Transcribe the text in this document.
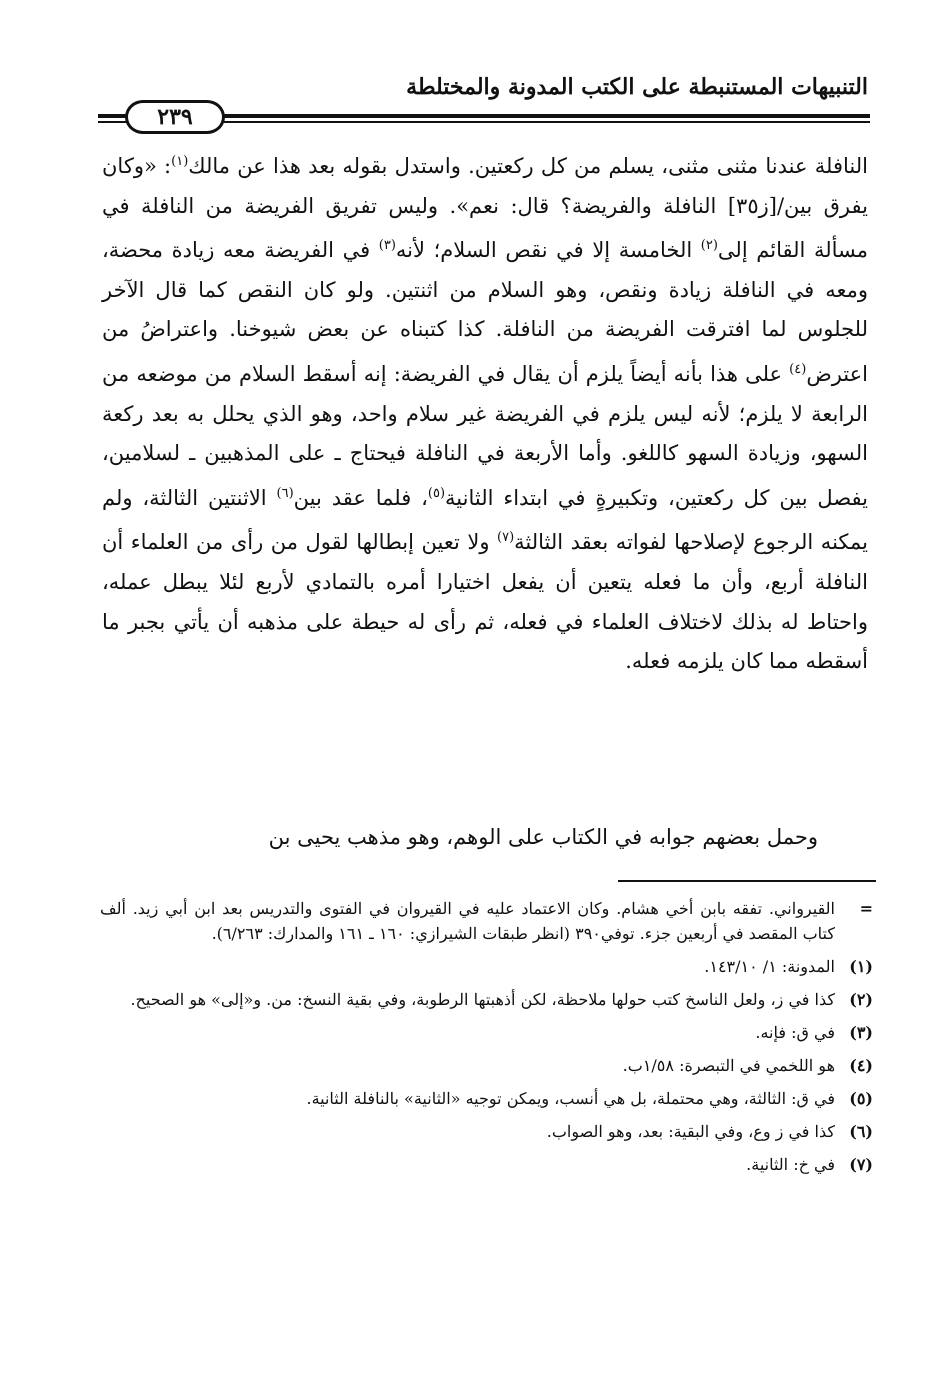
التنبيهات المستنبطة على الكتب المدونة والمختلطة
٢٣٩

النافلة عندنا مثنى مثنى، يسلم من كل ركعتين. واستدل بقوله بعد هذا عن مالك$^{(١)}$: «وكان يفرق بين/[ز٣٥] النافلة والفريضة؟ قال: نعم». وليس تفريق الفريضة من النافلة في مسألة القائم إلى$^{(٢)}$ الخامسة إلا في نقص السلام؛ لأنه$^{(٣)}$ في الفريضة معه زيادة محضة، ومعه في النافلة زيادة ونقص، وهو السلام من اثنتين. ولو كان النقص كما قال الآخر للجلوس لما افترقت الفريضة من النافلة. كذا كتبناه عن بعض شيوخنا. واعتراضُ من اعترض$^{(٤)}$ على هذا بأنه أيضاً يلزم أن يقال في الفريضة: إنه أسقط السلام من موضعه من الرابعة لا يلزم؛ لأنه ليس يلزم في الفريضة غير سلام واحد، وهو الذي يحلل به بعد ركعة السهو، وزيادة السهو كاللغو. وأما الأربعة في النافلة فيحتاج ـ على المذهبين ـ لسلامين، يفصل بين كل ركعتين، وتكبيرةٍ في ابتداء الثانية$^{(٥)}$، فلما عقد بين$^{(٦)}$ الاثنتين الثالثة، ولم يمكنه الرجوع لإصلاحها لفواته بعقد الثالثة$^{(٧)}$ ولا تعين إبطالها لقول من رأى من العلماء أن النافلة أربع، وأن ما فعله يتعين أن يفعل اختيارا أمره بالتمادي لأربع لئلا يبطل عمله، واحتاط له بذلك لاختلاف العلماء في فعله، ثم رأى له حيطة على مذهبه أن يأتي بجبر ما أسقطه مما كان يلزمه فعله.

وحمل بعضهم جوابه في الكتاب على الوهم، وهو مذهب يحيى بن
=
القيرواني. تفقه بابن أخي هشام. وكان الاعتماد عليه في القيروان في الفتوى والتدريس بعد ابن أبي زيد. ألف كتاب المقصد في أربعين جزء. توفي٣٩٠ (انظر طبقات الشيرازي: ١٦٠ ـ ١٦١ والمدارك: ٦/٢٦٣).
(١)
المدونة: ١/ ١٤٣/١٠.
(٢)
كذا في ز، ولعل الناسخ كتب حولها ملاحظة، لكن أذهبتها الرطوبة، وفي بقية النسخ: من. و«إلى» هو الصحيح.
(٣)
في ق: فإنه.
(٤)
هو اللخمي في التبصرة: ١/٥٨ب.
(٥)
في ق: الثالثة، وهي محتملة، بل هي أنسب، ويمكن توجيه «الثانية» بالنافلة الثانية.
(٦)
كذا في ز وع، وفي البقية: بعد، وهو الصواب.
(٧)
في خ: الثانية.
